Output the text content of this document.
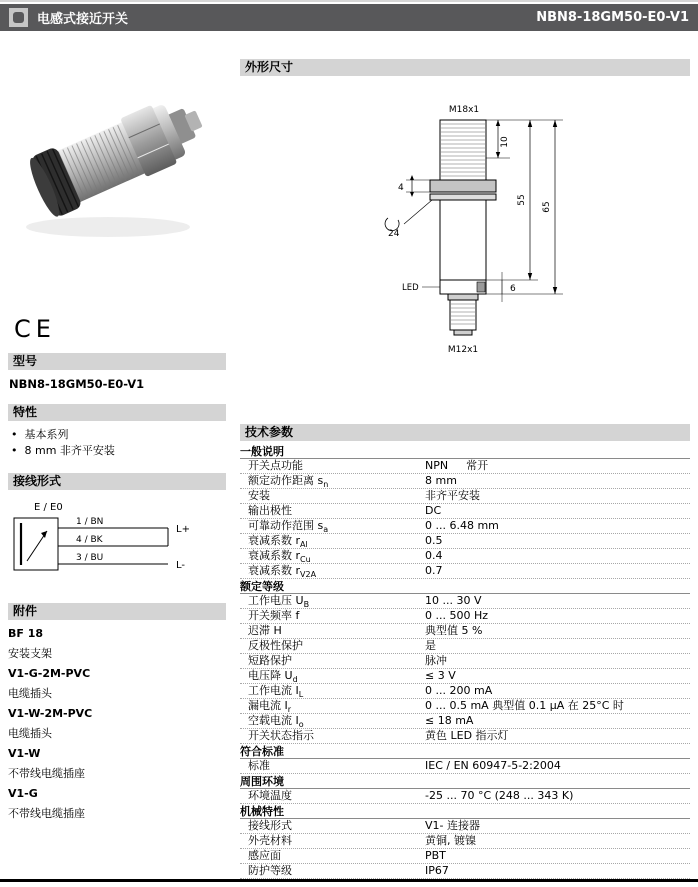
电感式接近开关	NBN8-18GM50-E0-V1
CE
型号
NBN8-18GM50-E0-V1
特性
• 基本系列
• 8 mm 非齐平安装
接线形式
E / E0
1 / BN
4 / BK
3 / BU
L+
L-
附件
BF 18
安装支架
V1-G-2M-PVC
电缆插头
V1-W-2M-PVC
电缆插头
V1-W
不带线电缆插座
V1-G
不带线电缆插座
外形尺寸
M18x1
M12x1
10
4
24
LED	6
55
65
技术参数
一般说明
开关点功能	NPN 常开
额定动作距离 $s_n$	8 mm
安装	非齐平安装
输出极性	DC
可靠动作范围 $s_a$	0 ... 6.48 mm
衰减系数 $r_{Al}$	0.5
衰减系数 $r_{Cu}$	0.4
衰减系数 $r_{V2A}$	0.7
额定等级
工作电压 $U_B$	10 ... 30 V
开关频率 f	0 ... 500 Hz
迟滞 H	典型值 5 %
反极性保护	是
短路保护	脉冲
电压降 $U_d$	≤ 3 V
工作电流 $I_L$	0 ... 200 mA
漏电流 $I_r$	0 ... 0.5 mA 典型值 0.1 μA 在 25°C 时
空载电流 $I_o$	≤ 18 mA
开关状态指示	黄色 LED 指示灯
符合标准
标准	IEC / EN 60947-5-2:2004
周围环境
环境温度	-25 ... 70 °C (248 ... 343 K)
机械特性
接线形式	V1- 连接器
外壳材料	黄铜, 镀镍
感应面	PBT
防护等级	IP67
